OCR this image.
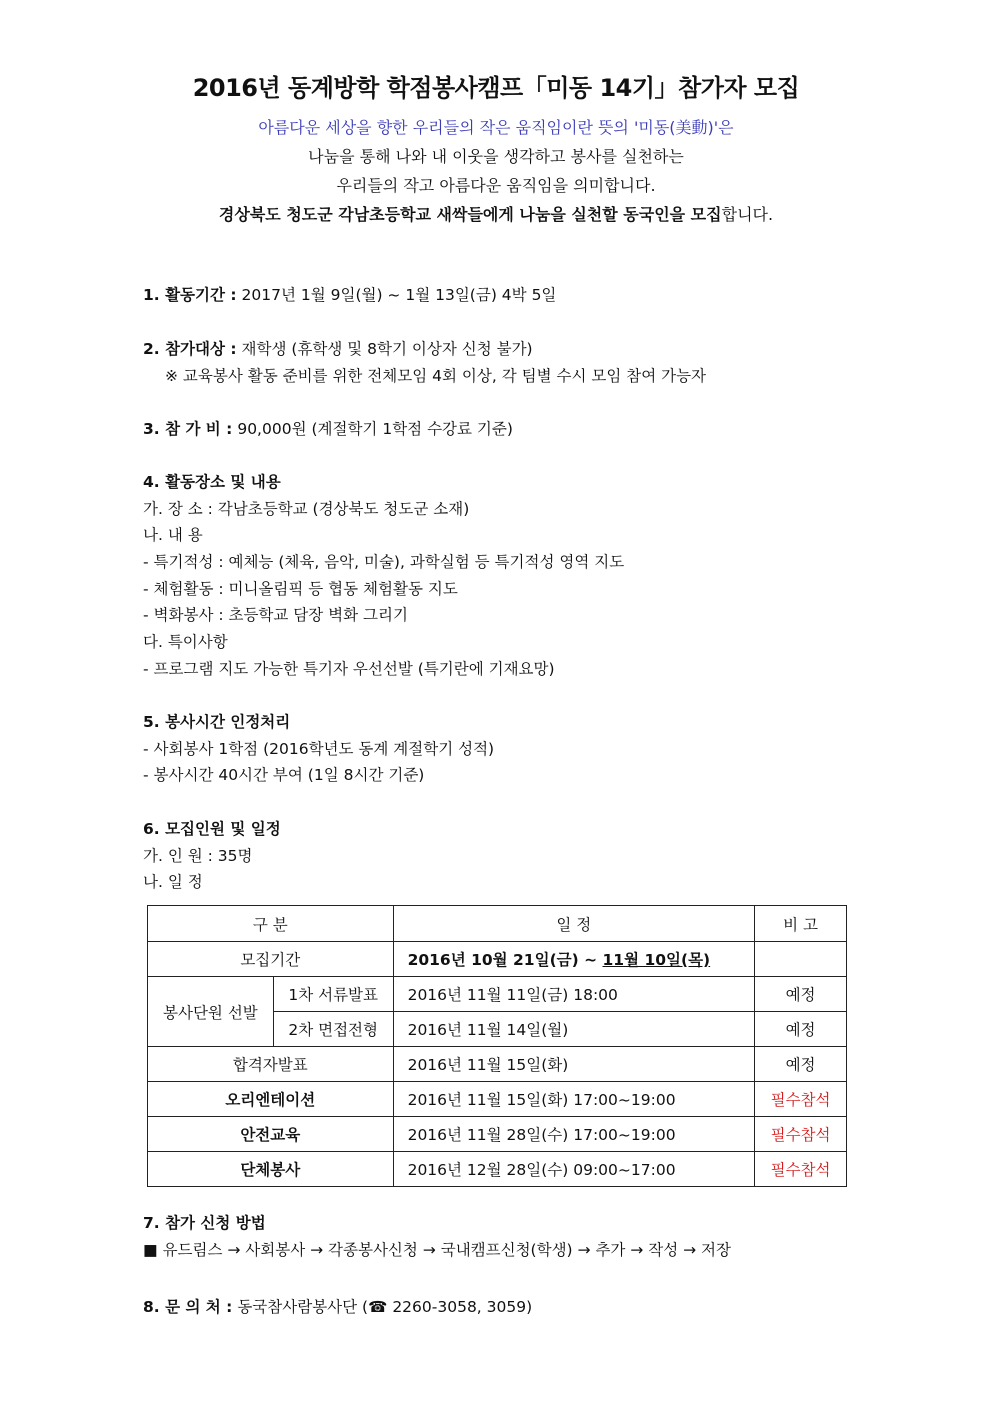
2016년 동계방학 학점봉사캠프「미동 14기」참가자 모집
아름다운 세상을 향한 우리들의 작은 움직임이란 뜻의 '미동(美動)'은
나눔을 통해 나와 내 이웃을 생각하고 봉사를 실천하는
우리들의 작고 아름다운 움직임을 의미합니다.
경상북도 청도군 각남초등학교 새싹들에게 나눔을 실천할 동국인을 모집합니다.
1. 활동기간 : 2017년 1월 9일(월) ~ 1월 13일(금) 4박 5일
2. 참가대상 : 재학생 (휴학생 및 8학기 이상자 신청 불가)
※ 교육봉사 활동 준비를 위한 전체모임 4회 이상, 각 팀별 수시 모임 참여 가능자
3. 참 가 비 : 90,000원 (계절학기 1학점 수강료 기준)
4. 활동장소 및 내용
가. 장 소 : 각남초등학교 (경상북도 청도군 소재)
나. 내 용
- 특기적성 : 예체능 (체육, 음악, 미술), 과학실험 등 특기적성 영역 지도
- 체험활동 : 미니올림픽 등 협동 체험활동 지도
- 벽화봉사 : 초등학교 담장 벽화 그리기
다. 특이사항
- 프로그램 지도 가능한 특기자 우선선발 (특기란에 기재요망)
5. 봉사시간 인정처리
- 사회봉사 1학점 (2016학년도 동계 계절학기 성적)
- 봉사시간 40시간 부여 (1일 8시간 기준)
6. 모집인원 및 일정
가. 인 원 : 35명
나. 일 정
구 분		일 정	비 고
모집기간		2016년 10월 21일(금) ~ 11월 10일(목)	
봉사단원 선발	1차 서류발표	2016년 11월 11일(금) 18:00	예정
	2차 면접전형	2016년 11월 14일(월)	예정
합격자발표		2016년 11월 15일(화)	예정
오리엔테이션		2016년 11월 15일(화) 17:00~19:00	필수참석
안전교육		2016년 11월 28일(수) 17:00~19:00	필수참석
단체봉사		2016년 12월 28일(수) 09:00~17:00	필수참석
7. 참가 신청 방법
■ 유드림스 → 사회봉사 → 각종봉사신청 → 국내캠프신청(학생) → 추가 → 작성 → 저장
8. 문 의 처 : 동국참사람봉사단 (☎ 2260-3058, 3059)
